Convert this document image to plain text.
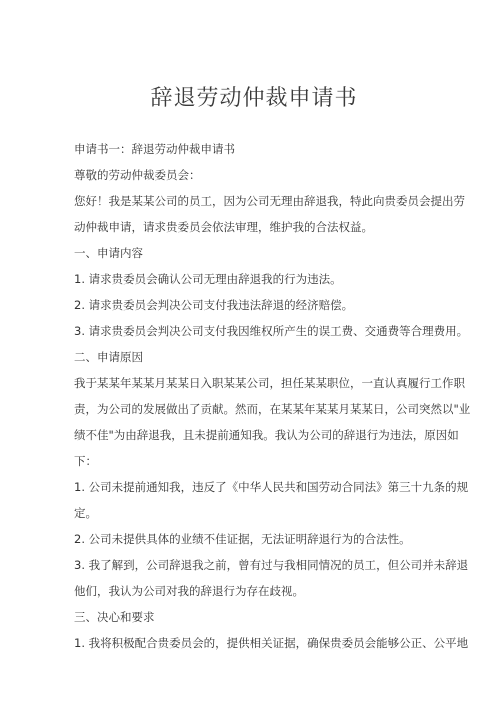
辞退劳动仲裁申请书
申请书一：辞退劳动仲裁申请书
尊敬的劳动仲裁委员会：
您好！我是某某公司的员工，因为公司无理由辞退我，特此向贵委员会提出劳
动仲裁申请，请求贵委员会依法审理，维护我的合法权益。
一、申请内容
1. 请求贵委员会确认公司无理由辞退我的行为违法。
2. 请求贵委员会判决公司支付我违法辞退的经济赔偿。
3. 请求贵委员会判决公司支付我因维权所产生的误工费、交通费等合理费用。
二、申请原因
我于某某年某某月某某日入职某某公司，担任某某职位，一直认真履行工作职
责，为公司的发展做出了贡献。然而，在某某年某某月某某日，公司突然以"业
绩不佳"为由辞退我，且未提前通知我。我认为公司的辞退行为违法，原因如
下：
1. 公司未提前通知我，违反了《中华人民共和国劳动合同法》第三十九条的规
定。
2. 公司未提供具体的业绩不佳证据，无法证明辞退行为的合法性。
3. 我了解到，公司辞退我之前，曾有过与我相同情况的员工，但公司并未辞退
他们，我认为公司对我的辞退行为存在歧视。
三、决心和要求
1. 我将积极配合贵委员会的，提供相关证据，确保贵委员会能够公正、公平地
